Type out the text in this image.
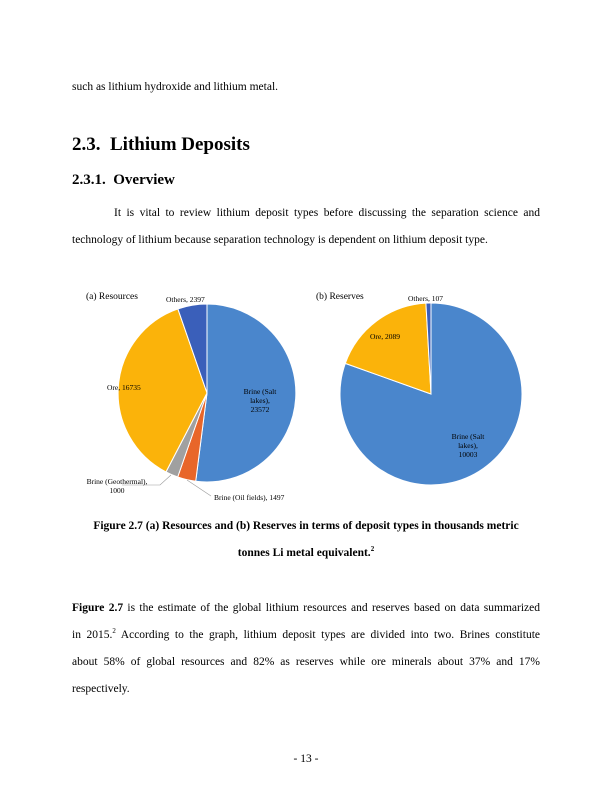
such as lithium hydroxide and lithium metal.
2.3. Lithium Deposits
2.3.1. Overview
It is vital to review lithium deposit types before discussing the separation science and
technology of lithium because separation technology is dependent on lithium deposit type.
(a) Resources	Others, 2397
Ore, 16735	Brine (Salt
lakes),
23572
Brine (Geothermal),
1000
Brine (Oil fields), 1497
(b) Reserves	Others, 107
Ore, 2089
Brine (Salt
lakes),
10003
Figure 2.7 (a) Resources and (b) Reserves in terms of deposit types in thousands metric
tonnes Li metal equivalent.$^2$
Figure 2.7 is the estimate of the global lithium resources and reserves based on data summarized
in 2015.$^2$ According to the graph, lithium deposit types are divided into two. Brines constitute
about 58% of global resources and 82% as reserves while ore minerals about 37% and 17%
respectively.
- 13 -
